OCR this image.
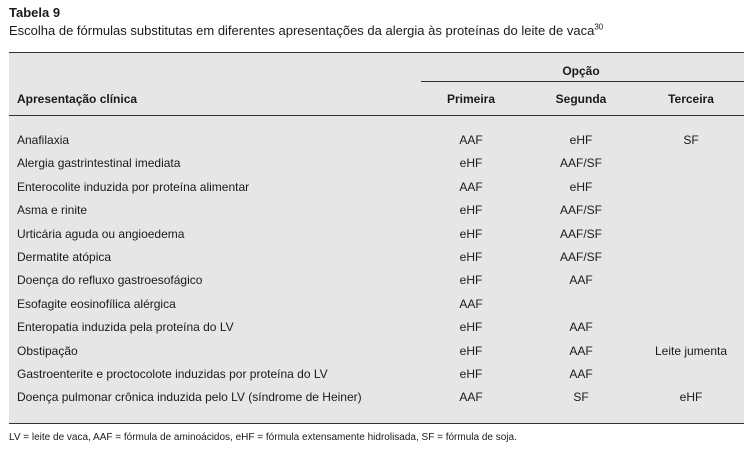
Tabela 9
Escolha de fórmulas substitutas em diferentes apresentações da alergia às proteínas do leite de vaca$^{30}$
Opção
Apresentação clínica	Primeira	Segunda	Terceira
Anafilaxia	AAF	eHF	SF
Alergia gastrintestinal imediata	eHF	AAF/SF
Enterocolite induzida por proteína alimentar	AAF	eHF
Asma e rinite	eHF	AAF/SF
Urticária aguda ou angioedema	eHF	AAF/SF
Dermatite atópica	eHF	AAF/SF
Doença do refluxo gastroesofágico	eHF	AAF
Esofagite eosinofílica alérgica	AAF
Enteropatia induzida pela proteína do LV	eHF	AAF
Obstipação	eHF	AAF	Leite jumenta
Gastroenterite e proctocolote induzidas por proteína do LV	eHF	AAF
Doença pulmonar crônica induzida pelo LV (síndrome de Heiner)	AAF	SF	eHF
LV = leite de vaca, AAF = fórmula de aminoácidos, eHF = fórmula extensamente hidrolisada, SF = fórmula de soja.
